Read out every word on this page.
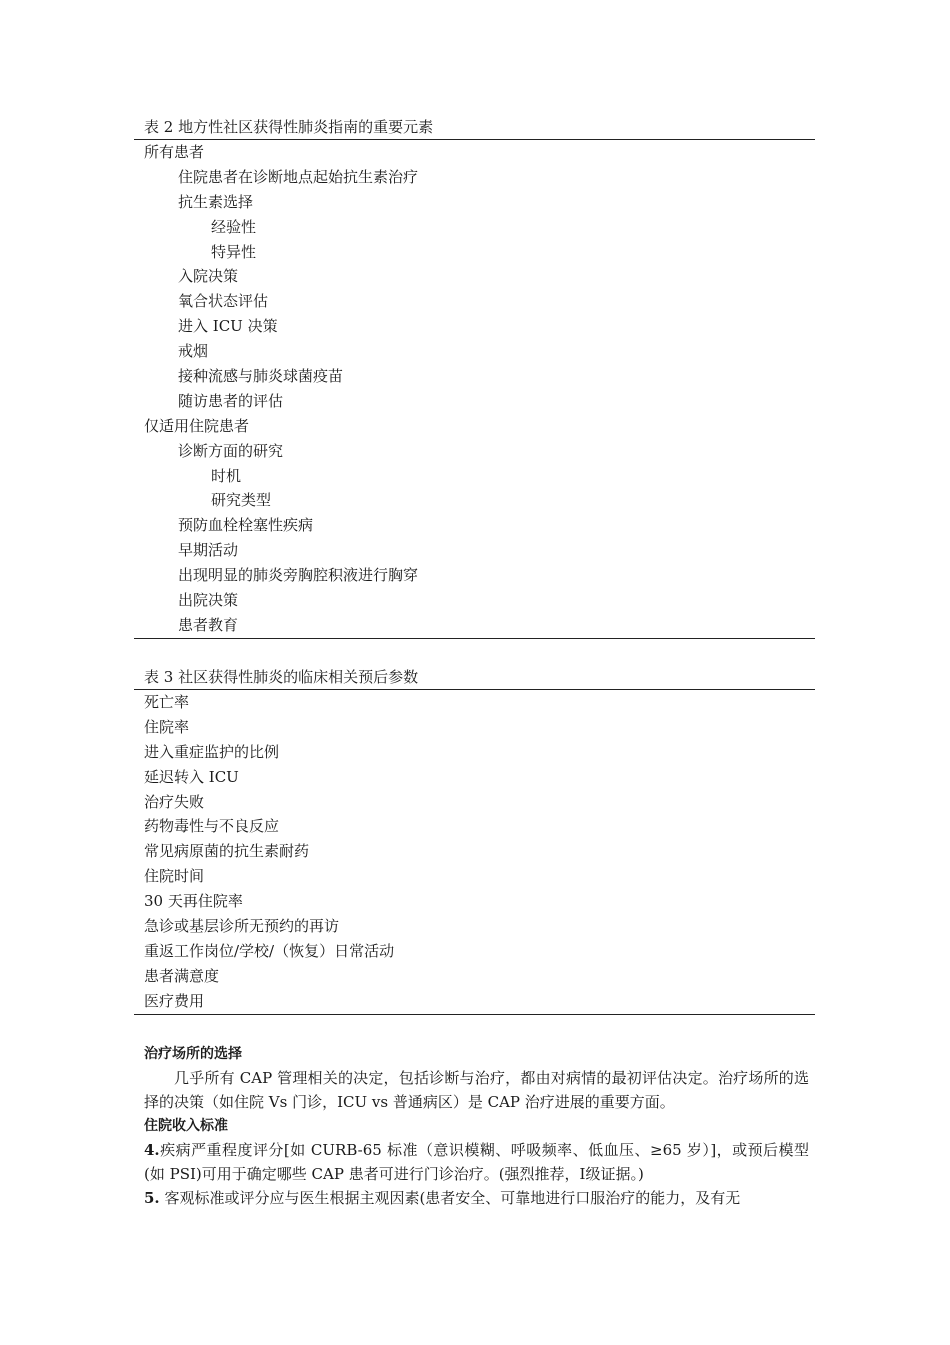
表 2 地方性社区获得性肺炎指南的重要元素
所有患者
住院患者在诊断地点起始抗生素治疗
抗生素选择
经验性
特异性
入院决策
氧合状态评估
进入 ICU 决策
戒烟
接种流感与肺炎球菌疫苗
随访患者的评估
仅适用住院患者
诊断方面的研究
时机
研究类型
预防血栓栓塞性疾病
早期活动
出现明显的肺炎旁胸腔积液进行胸穿
出院决策
患者教育
表 3 社区获得性肺炎的临床相关预后参数
死亡率
住院率
进入重症监护的比例
延迟转入 ICU
治疗失败
药物毒性与不良反应
常见病原菌的抗生素耐药
住院时间
30 天再住院率
急诊或基层诊所无预约的再访
重返工作岗位/学校/（恢复）日常活动
患者满意度
医疗费用
治疗场所的选择

几乎所有 CAP 管理相关的决定，包括诊断与治疗，都由对病情的最初评估决定。治疗场所的选择的决策（如住院 Vs 门诊，ICU vs 普通病区）是 CAP 治疗进展的重要方面。

住院收入标准

4.疾病严重程度评分[如 CURB-65 标准（意识模糊、呼吸频率、低血压、≥65 岁）]，或预后模型(如 PSI)可用于确定哪些 CAP 患者可进行门诊治疗。(强烈推荐，Ⅰ级证据。)

5. 客观标准或评分应与医生根据主观因素(患者安全、可靠地进行口服治疗的能力，及有无
